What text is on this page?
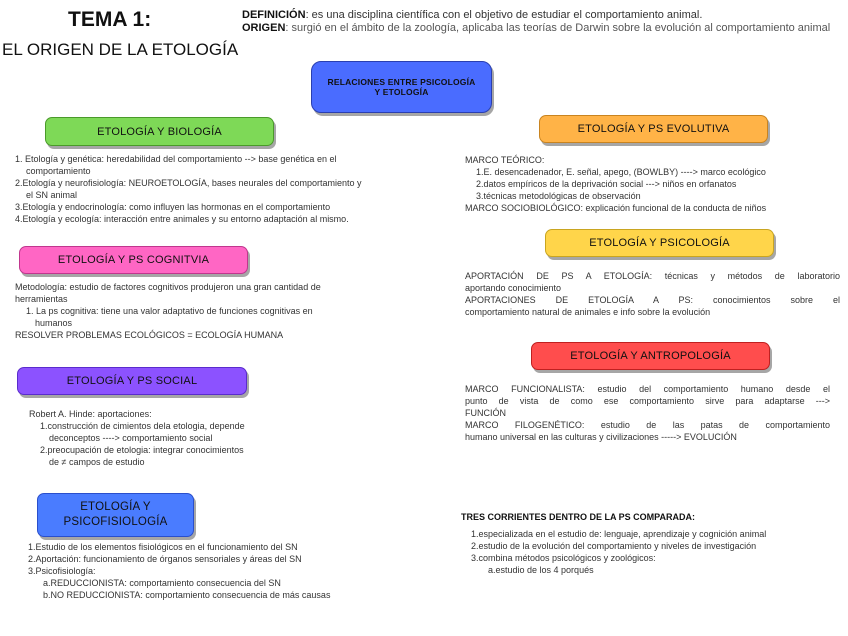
TEMA 1:
EL ORIGEN DE LA ETOLOGÍA
DEFINICIÓN: es una disciplina científica con el objetivo de estudiar el comportamiento animal.
ORIGEN: surgió en el ámbito de la zoología, aplicaba las teorías de Darwin sobre la evolución al comportamiento animal
RELACIONES ENTRE PSICOLOGÍA
Y ETOLOGÍA
ETOLOGÍA Y BIOLOGÍA
1. Etología y genética: heredabilidad del comportamiento --> base genética en el
comportamiento
2.Etología y neurofisiología: NEUROETOLOGÍA, bases neurales del comportamiento y
el SN animal
3.Etología y endocrinología: como influyen las hormonas en el comportamiento
4.Etología y ecología: interacción entre animales y su entorno adaptación al mismo.
ETOLOGÍA Y PS COGNITVIA
Metodología: estudio de factores cognitivos produjeron una gran cantidad de
herramientas
1. La ps cognitiva: tiene una valor adaptativo de funciones cognitivas en
humanos
RESOLVER PROBLEMAS ECOLÓGICOS = ECOLOGÍA HUMANA
ETOLOGÍA Y PS SOCIAL
Robert A. Hinde: aportaciones:
1.construcción de cimientos dela etologia, depende
deconceptos ----> comportamiento social
2.preocupación de etologia: integrar conocimientos
de ≠ campos de estudio
ETOLOGÍA Y
PSICOFISIOLOGÍA
1.Estudio de los elementos fisiológicos en el funcionamiento del SN
2.Aportación: funcionamiento de órganos sensoriales y áreas del SN
3.Psicofisiología:
a.REDUCCIONISTA: comportamiento consecuencia del SN
b.NO REDUCCIONISTA: comportamiento consecuencia de más causas
ETOLOGÍA Y PS EVOLUTIVA
MARCO TEÓRICO:
1.E. desencadenador, E. señal, apego, (BOWLBY) ----> marco ecológico
2.datos empíricos de la deprivación social ---> niños en orfanatos
3.técnicas metodológicas de observación
MARCO SOCIOBIOLÓGICO: explicación funcional de la conducta de niños
ETOLOGÍA Y PSICOLOGÍA
APORTACIÓN DE PS A ETOLOGÍA: técnicas y métodos de laboratorio
aportando conocimiento
APORTACIONES DE ETOLOGÍA A PS: conocimientos sobre el
comportamiento natural de animales e info sobre la evolución
ETOLOGÍA Y ANTROPOLOGÍA
MARCO FUNCIONALISTA: estudio del comportamiento humano desde el
punto de vista de como ese comportamiento sirve para adaptarse --->
FUNCIÓN
MARCO FILOGENÉTICO: estudio de las patas de comportamiento
humano universal en las culturas y civilizaciones -----> EVOLUCIÓN
TRES CORRIENTES DENTRO DE LA PS COMPARADA:
1.especializada en el estudio de: lenguaje, aprendizaje y cognición animal
2.estudio de la evolución del comportamiento y niveles de investigación
3.combina métodos psicológicos y zoológicos:
a.estudio de los 4 porqués
